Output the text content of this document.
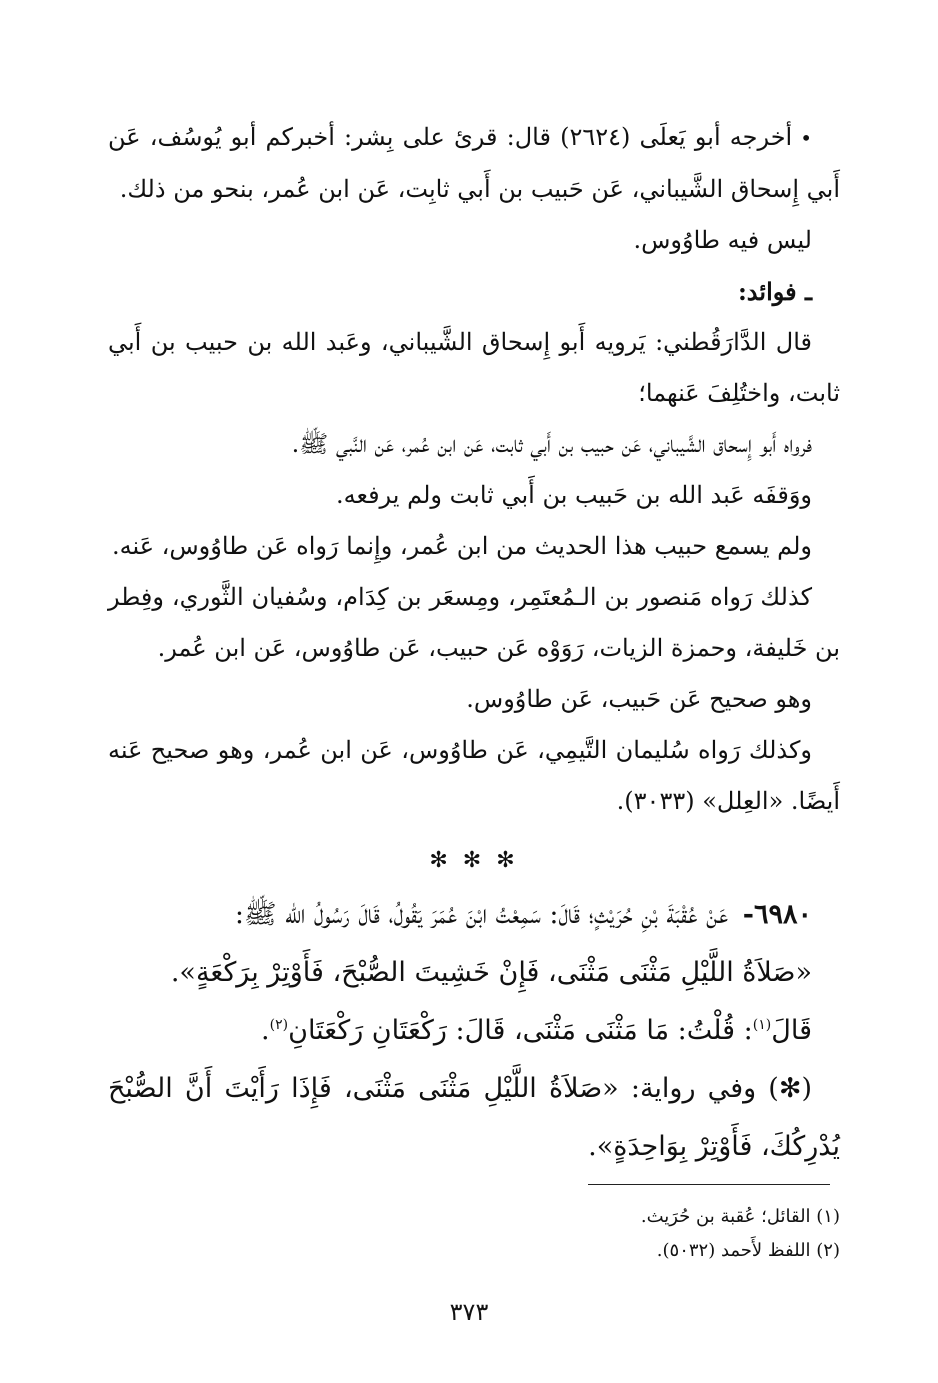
•أخرجه أبو يَعلَى (٢٦٢٤) قال: قرئ على بِشر: أخبركم أبو يُوسُف، عَن أَبي إِسحاق الشَّيباني، عَن حَبيب بن أَبي ثابِت، عَن ابن عُمر، بنحو من ذلك.

ليس فيه طاوُوس.

ـ فوائد:

قال الدَّارَقُطني: يَرويه أَبو إِسحاق الشَّيباني، وعَبد الله بن حبيب بن أَبي ثابت، واختُلِفَ عَنهما؛

فرواه أَبو إِسحاق الشَّيباني، عَن حبيب بن أَبي ثابت، عَن ابن عُمر، عَن النَّبي ﷺ.

ووَقفَه عَبد الله بن حَبيب بن أَبي ثابت ولم يرفعه.

ولم يسمع حبيب هذا الحديث من ابن عُمر، وإِنما رَواه عَن طاوُوس، عَنه.

كذلك رَواه مَنصور بن الـمُعتَمِر، ومِسعَر بن كِدَام، وسُفيان الثَّوري، وفِطر بن خَليفة، وحمزة الزيات، رَوَوْه عَن حبيب، عَن طاوُوس، عَن ابن عُمر.

وهو صحيح عَن حَبيب، عَن طاوُوس.

وكذلك رَواه سُليمان التَّيمِي، عَن طاوُوس، عَن ابن عُمر، وهو صحيح عَنه أَيضًا. «العِلل» (٣٠٣٣).

✻ ✻ ✻

٦٩٨٠- عَنْ عُقْبَةَ بْنِ حُرَيْثٍ؛ قَالَ: سَمِعْتُ ابْنَ عُمَرَ يَقُولُ، قَالَ رَسُولُ الله ﷺ:

«صَلاَةُ اللَّيْلِ مَثْنَى مَثْنَى، فَإِنْ خَشِيتَ الصُّبْحَ، فَأَوْتِرْ بِرَكْعَةٍ».

قَالَ$^{(١)}$: قُلْتُ: مَا مَثْنَى مَثْنَى، قَالَ: رَكْعَتَانِ رَكْعَتَانِ$^{(٢)}$.

(✻) وفي رواية: «صَلاَةُ اللَّيْلِ مَثْنَى مَثْنَى، فَإِذَا رَأَيْتَ أَنَّ الصُّبْحَ يُدْرِكُكَ، فَأَوْتِرْ بِوَاحِدَةٍ».

(١) القائل؛ عُقبة بن حُرَيث.
(٢) اللفظ لأَحمد (٥٠٣٢).
٣٧٣
